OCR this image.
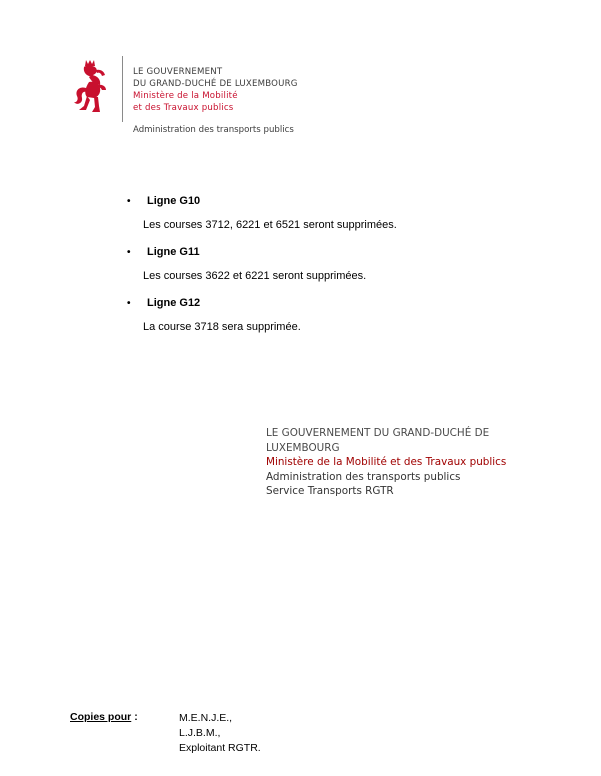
LE GOUVERNEMENT
DU GRAND-DUCHÉ DE LUXEMBOURG
Ministère de la Mobilité
et des Travaux publics
Administration des transports publics
•	Ligne G10
Les courses 3712, 6221 et 6521 seront supprimées.
•	Ligne G11
Les courses 3622 et 6221 seront supprimées.
•	Ligne G12
La course 3718 sera supprimée.
LE GOUVERNEMENT DU GRAND-DUCHÉ DE
LUXEMBOURG
Ministère de la Mobilité et des Travaux publics
Administration des transports publics
Service Transports RGTR
Copies pour :	M.E.N.J.E.,
L.J.B.M.,
Exploitant RGTR.
